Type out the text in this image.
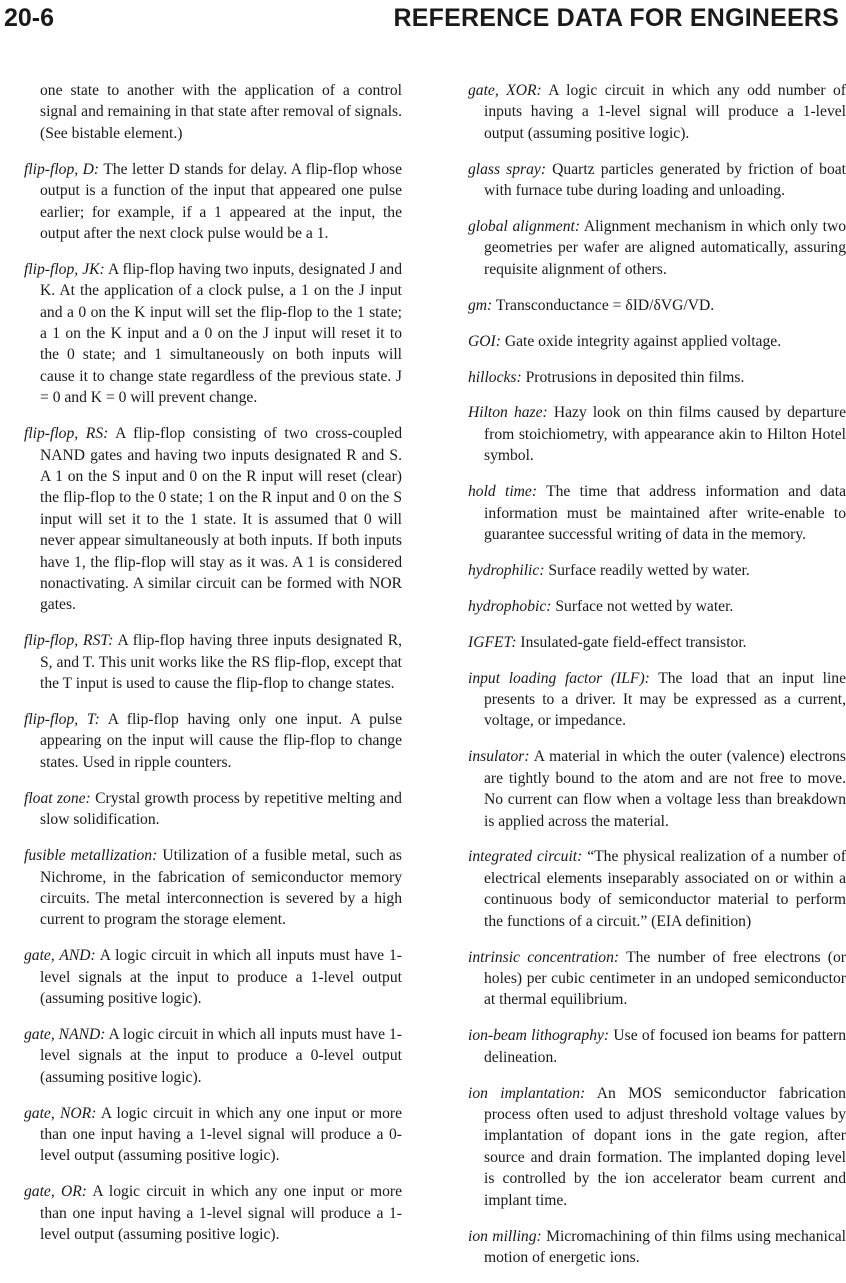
20-6	REFERENCE DATA FOR ENGINEERS

one state to another with the application of a control signal and remaining in that state after removal of signals. (See bistable element.)

flip-flop, D: The letter D stands for delay. A flip-flop whose output is a function of the input that appeared one pulse earlier; for example, if a 1 appeared at the input, the output after the next clock pulse would be a 1.

flip-flop, JK: A flip-flop having two inputs, designated J and K. At the application of a clock pulse, a 1 on the J input and a 0 on the K input will set the flip-flop to the 1 state; a 1 on the K input and a 0 on the J input will reset it to the 0 state; and 1 simultaneously on both inputs will cause it to change state regardless of the previous state. J = 0 and K = 0 will prevent change.

flip-flop, RS: A flip-flop consisting of two cross-coupled NAND gates and having two inputs designated R and S. A 1 on the S input and 0 on the R input will reset (clear) the flip-flop to the 0 state; 1 on the R input and 0 on the S input will set it to the 1 state. It is assumed that 0 will never appear simultaneously at both inputs. If both inputs have 1, the flip-flop will stay as it was. A 1 is considered nonactivating. A similar circuit can be formed with NOR gates.

flip-flop, RST: A flip-flop having three inputs designated R, S, and T. This unit works like the RS flip-flop, except that the T input is used to cause the flip-flop to change states.

flip-flop, T: A flip-flop having only one input. A pulse appearing on the input will cause the flip-flop to change states. Used in ripple counters.

float zone: Crystal growth process by repetitive melting and slow solidification.

fusible metallization: Utilization of a fusible metal, such as Nichrome, in the fabrication of semiconductor memory circuits. The metal interconnection is severed by a high current to program the storage element.

gate, AND: A logic circuit in which all inputs must have 1-level signals at the input to produce a 1-level output (assuming positive logic).

gate, NAND: A logic circuit in which all inputs must have 1-level signals at the input to produce a 0-level output (assuming positive logic).

gate, NOR: A logic circuit in which any one input or more than one input having a 1-level signal will produce a 0-level output (assuming positive logic).

gate, OR: A logic circuit in which any one input or more than one input having a 1-level signal will produce a 1-level output (assuming positive logic).

gate, XOR: A logic circuit in which any odd number of inputs having a 1-level signal will produce a 1-level output (assuming positive logic).

glass spray: Quartz particles generated by friction of boat with furnace tube during loading and unloading.

global alignment: Alignment mechanism in which only two geometries per wafer are aligned automatically, assuring requisite alignment of others.

gm: Transconductance = δID/δVG/VD.

GOI: Gate oxide integrity against applied voltage.

hillocks: Protrusions in deposited thin films.

Hilton haze: Hazy look on thin films caused by departure from stoichiometry, with appearance akin to Hilton Hotel symbol.

hold time: The time that address information and data information must be maintained after write-enable to guarantee successful writing of data in the memory.

hydrophilic: Surface readily wetted by water.

hydrophobic: Surface not wetted by water.

IGFET: Insulated-gate field-effect transistor.

input loading factor (ILF): The load that an input line presents to a driver. It may be expressed as a current, voltage, or impedance.

insulator: A material in which the outer (valence) electrons are tightly bound to the atom and are not free to move. No current can flow when a voltage less than breakdown is applied across the material.

integrated circuit: “The physical realization of a number of electrical elements inseparably associated on or within a continuous body of semiconductor material to perform the functions of a circuit.” (EIA definition)

intrinsic concentration: The number of free electrons (or holes) per cubic centimeter in an undoped semiconductor at thermal equilibrium.

ion-beam lithography: Use of focused ion beams for pattern delineation.

ion implantation: An MOS semiconductor fabrication process often used to adjust threshold voltage values by implantation of dopant ions in the gate region, after source and drain formation. The implanted doping level is controlled by the ion accelerator beam current and implant time.

ion milling: Micromachining of thin films using mechanical motion of energetic ions.
